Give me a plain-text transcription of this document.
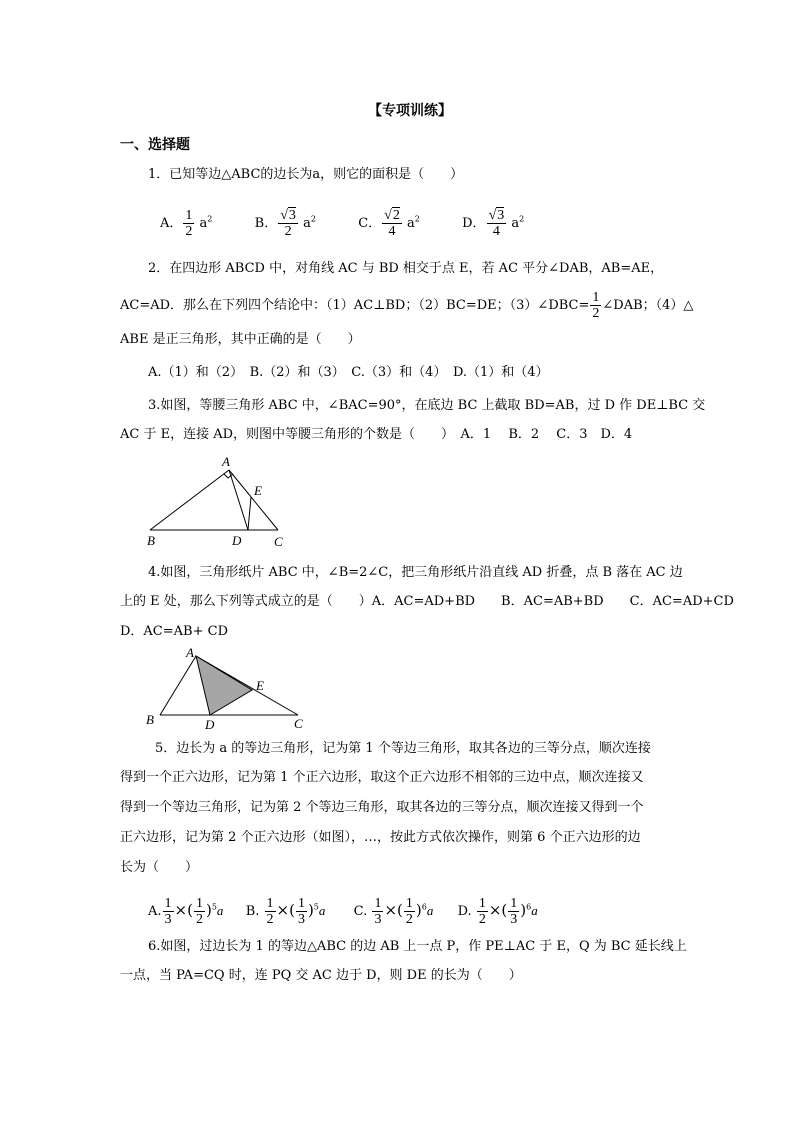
【专项训练】
一、选择题
1．已知等边△ABC的边长为a，则它的面积是（　　）
A． $\frac{1}{2} a^2$	B． $\frac{√3}{2} a^2$	C． $\frac{√2}{4} a^2$	D． $\frac{√3}{4} a^2$
2．在四边形 ABCD 中，对角线 AC 与 BD 相交于点 E，若 AC 平分∠DAB，AB=AE，
AC=AD．那么在下列四个结论中：（1）AC⊥BD；（2）BC=DE；（3）∠DBC= $\frac{1}{2}$ ∠DAB；（4）△
ABE 是正三角形，其中正确的是（　　）
A.（1）和（2）　B.（2）和（3）　C.（3）和（4）　D.（1）和（4）
3.如图，等腰三角形 ABC 中，∠BAC=90°，在底边 BC 上截取 BD=AB，过 D 作 DE⊥BC 交
AC 于 E，连接 AD，则图中等腰三角形的个数是（　　）　A．1　 B．2　 C．3　D．4
A
E
B	D	C
4.如图，三角形纸片 ABC 中，∠B=2∠C，把三角形纸片沿直线 AD 折叠，点 B 落在 AC 边
上的 E 处，那么下列等式成立的是（　　）A．AC=AD+BD　　B．AC=AB+BD　　C．AC=AD+CD
D．AC=AB+ CD
A
E
B	D	C
5．边长为 a 的等边三角形，记为第 1 个等边三角形，取其各边的三等分点，顺次连接
得到一个正六边形，记为第 1 个正六边形，取这个正六边形不相邻的三边中点，顺次连接又
得到一个等边三角形，记为第 2 个等边三角形，取其各边的三等分点，顺次连接又得到一个
正六边形，记为第 2 个正六边形（如图），…，按此方式依次操作，则第 6 个正六边形的边
长为（　　）
A. $\frac{1}{3}$ ×( $\frac{1}{2} )^5a$ B. $\frac{1}{2}$ ×( $\frac{1}{3} )^5a$ C. $\frac{1}{3}$ ×( $\frac{1}{2} )^6a$ D. $\frac{1}{2}$ ×( $\frac{1}{3} )^6a$
6.如图，过边长为 1 的等边△ABC 的边 AB 上一点 P，作 PE⊥AC 于 E，Q 为 BC 延长线上
一点，当 PA=CQ 时，连 PQ 交 AC 边于 D，则 DE 的长为（　　）
